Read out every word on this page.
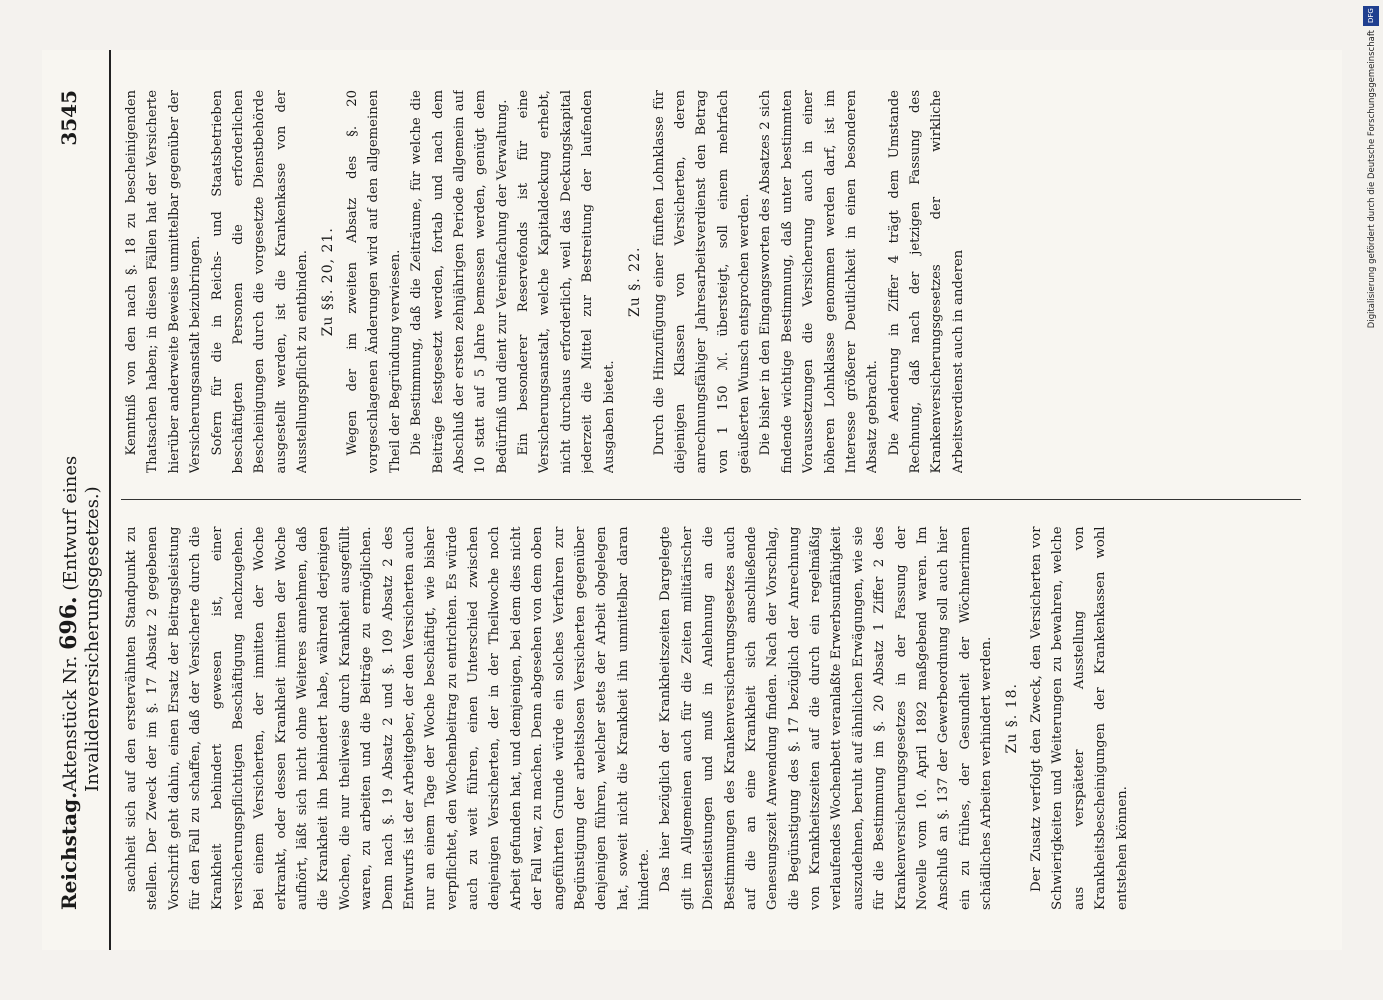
Reichstag.
Aktenstück Nr. 696. (Entwurf eines Invalidenversicherungsgesetzes.)
3545

sachheit sich auf den erstervähnten Standpunkt zu stellen. Der Zweck der im §. 17 Absatz 2 gegebenen Vorschrift geht dahin, einen Ersatz der Beitragsleistung für den Fall zu schaffen, daß der Versicherte durch die Krankheit behindert gewesen ist, einer versicherungspflichtigen Beschäftigung nachzugehen. Bei einem Versicherten, der inmitten der Woche erkrankt, oder dessen Krankheit inmitten der Woche aufhört, läßt sich nicht ohne Weiteres annehmen, daß die Krankheit ihn behindert habe, während derjenigen Wochen, die nur theilweise durch Krankheit ausgefüllt waren, zu arbeiten und die Beiträge zu ermöglichen. Denn nach §. 19 Absatz 2 und §. 109 Absatz 2 des Entwurfs ist der Arbeitgeber, der den Versicherten auch nur an einem Tage der Woche beschäftigt, wie bisher verpflichtet, den Wochenbeitrag zu entrichten. Es würde auch zu weit führen, einen Unterschied zwischen denjenigen Versicherten, der in der Theilwoche noch Arbeit gefunden hat, und demjenigen, bei dem dies nicht der Fall war, zu machen. Denn abgesehen von dem oben angeführten Grunde würde ein solches Verfahren zur Begünstigung der arbeitslosen Versicherten gegenüber denjenigen führen, welcher stets der Arbeit obgelegen hat, soweit nicht die Krankheit ihn unmittelbar daran hinderte. Das hier bezüglich der Krankheitszeiten Dargelegte gilt im Allgemeinen auch für die Zeiten militärischer Dienstleistungen und muß in Anlehnung an die Bestimmungen des Krankenversicherungsgesetzes auch auf die an eine Krankheit sich anschließende Genesungszeit Anwendung finden. Nach der Vorschlag, die Begünstigung des §. 17 bezüglich der Anrechnung von Krankheitszeiten auf die durch ein regelmäßig verlaufendes Wochenbett veranlaßte Erwerbsunfähigkeit auszudehnen, beruht auf ähnlichen Erwägungen, wie sie für die Bestimmung im §. 20 Absatz 1 Ziffer 2 des Krankenversicherungsgesetzes in der Fassung der Novelle vom 10. April 1892 maßgebend waren. Im Anschluß an §. 137 der Gewerbeordnung soll auch hier ein zu frühes, der Gesundheit der Wöchnerinnen schädliches Arbeiten verhindert werden. Zu §. 18. Der Zusatz verfolgt den Zweck, den Versicherten vor Schwierigkeiten und Weiterungen zu bewahren, welche aus verspäteter Ausstellung von Krankheitsbescheinigungen der Krankenkassen wohl entstehen können.

Kenntniß von den nach §. 18 zu bescheinigenden Thatsachen haben; in diesen Fällen hat der Versicherte hierüber anderweite Beweise unmittelbar gegenüber der Versicherungsanstalt beizubringen. Sofern für die in Reichs- und Staatsbetrieben beschäftigten Personen die erforderlichen Bescheinigungen durch die vorgesetzte Dienstbehörde ausgestellt werden, ist die Krankenkasse von der Ausstellungspflicht zu entbinden. Zu §§. 20, 21. Wegen der im zweiten Absatz des §. 20 vorgeschlagenen Änderungen wird auf den allgemeinen Theil der Begründung verwiesen. Die Bestimmung, daß die Zeiträume, für welche die Beiträge festgesetzt werden, fortab und nach dem Abschluß der ersten zehnjährigen Periode allgemein auf 10 statt auf 5 Jahre bemessen werden, genügt dem Bedürfniß und dient zur Vereinfachung der Verwaltung. Ein besonderer Reservefonds ist für eine Versicherungsanstalt, welche Kapitaldeckung erhebt, nicht durchaus erforderlich, weil das Deckungskapital jederzeit die Mittel zur Bestreitung der laufenden Ausgaben bietet.

Zu §. 22. Durch die Hinzufügung einer fünften Lohnklasse für diejenigen Klassen von Versicherten, deren anrechnungsfähiger Jahresarbeitsverdienst den Betrag von 1 150 ℳ. übersteigt, soll einem mehrfach geäußerten Wunsch entsprochen werden. Die bisher in den Eingangsworten des Absatzes 2 sich findende wichtige Bestimmung, daß unter bestimmten Voraussetzungen die Versicherung auch in einer höheren Lohnklasse genommen werden darf, ist im Interesse größerer Deutlichkeit in einen besonderen Absatz gebracht. Die Aenderung in Ziffer 4 trägt dem Umstande Rechnung, daß nach der jetzigen Fassung des Krankenversicherungsgesetzes der wirkliche Arbeitsverdienst auch in anderen

DFG
Digitalisierung gefördert durch die Deutsche Forschungsgemeinschaft
